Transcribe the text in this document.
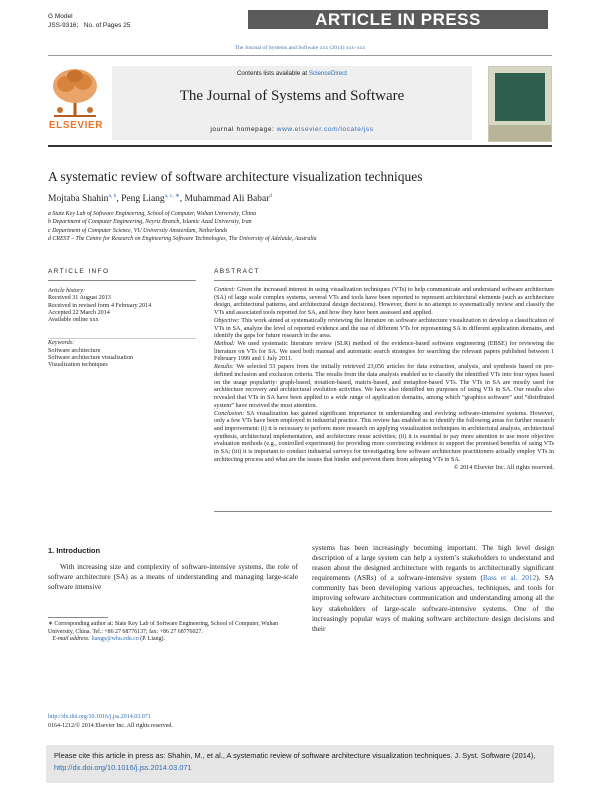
G Model
JSS-9316; No. of Pages 25	ARTICLE IN PRESS
The Journal of Systems and Software xxx (2014) xxx–xxx
ELSEVIER
Contents lists available at ScienceDirect
The Journal of Systems and Software
journal homepage: www.elsevier.com/locate/jss
A systematic review of software architecture visualization techniques
Mojtaba Shahin$^{a, b}$, Peng Liang$^{a, c, ∗}$, Muhammad Ali Babar$^d$
a State Key Lab of Software Engineering, School of Computer, Wuhan University, China
b Department of Computer Engineering, Neyriz Branch, Islamic Azad University, Iran
c Department of Computer Science, VU University Amsterdam, Netherlands
d CREST – The Centre for Research on Engineering Software Technologies, The University of Adelaide, Australia
ARTICLE INFO	ABSTRACT
Article history:
Received 31 August 2013
Received in revised form 4 February 2014
Accepted 22 March 2014
Available online xxx
Keywords:
Software architecture
Software architecture visualization
Visualization techniques
Context: Given the increased interest in using visualization techniques (VTs) to help communicate and understand software architecture (SA) of large scale complex systems, several VTs and tools have been reported to represent architectural elements (such as architecture design, architectural patterns, and architectural design decisions). However, there is no attempt to systematically review and classify the VTs and associated tools reported for SA, and how they have been assessed and applied.
Objective: This work aimed at systematically reviewing the literature on software architecture visualization to develop a classification of VTs in SA, analyze the level of reported evidence and the use of different VTs for representing SA in different application domains, and identify the gaps for future research in the area.
Method: We used systematic literature review (SLR) method of the evidence-based software engineering (EBSE) for reviewing the literature on VTs for SA. We used both manual and automatic search strategies for searching the relevant papers published between 1 February 1999 and 1 July 2011.
Results: We selected 53 papers from the initially retrieved 23,056 articles for data extraction, analysis, and synthesis based on pre-defined inclusion and exclusion criteria. The results from the data analysis enabled us to classify the identified VTs into four types based on the usage popularity: graph-based, notation-based, matrix-based, and metaphor-based VTs. The VTs in SA are mostly used for architecture recovery and architectural evolution activities. We have also identified ten purposes of using VTs in SA. Our results also revealed that VTs in SA have been applied to a wide range of application domains, among which “graphics software” and “distributed system” have received the most attention.
Conclusion: SA visualization has gained significant importance in understanding and evolving software-intensive systems. However, only a few VTs have been employed in industrial practice. This review has enabled us to identify the following areas for further research and improvement: (i) it is necessary to perform more research on applying visualization techniques in architectural analysis, architectural synthesis, architectural implementation, and architecture reuse activities; (ii) it is essential to pay more attention to use more objective evaluation methods (e.g., controlled experiment) for providing more convincing evidence to support the promised benefits of using VTs in SA; (iii) it is important to conduct industrial surveys for investigating how software architecture practitioners actually employ VTs in architecting process and what are the issues that hinder and prevent them from adopting VTs in SA.
© 2014 Elsevier Inc. All rights reserved.
1. Introduction
With increasing size and complexity of software-intensive systems, the role of software architecture (SA) as a means of understanding and managing large-scale software intensive
systems has been increasingly becoming important. The high level design description of a large system can help a system’s stakeholders to understand and reason about the designed architecture with regards to architecturally significant requirements (ASRs) of a software-intensive system (Bass et al. 2012). SA community has been developing various approaches, techniques, and tools for improving software architecture communication and understanding among all the key stakeholders of large-scale software-intensive systems. One of the increasingly popular ways of making software architecture design decisions and their
∗ Corresponding author at: State Key Lab of Software Engineering, School of Computer, Wuhan University, China. Tel.: +86 27 68776137; fax: +86 27 68776027.
E-mail address: liangp@whu.edu.cn (P. Liang).
http://dx.doi.org/10.1016/j.jss.2014.03.071
0164-1212/© 2014 Elsevier Inc. All rights reserved.
Please cite this article in press as: Shahin, M., et al., A systematic review of software architecture visualization techniques. J. Syst. Software (2014), http://dx.doi.org/10.1016/j.jss.2014.03.071
